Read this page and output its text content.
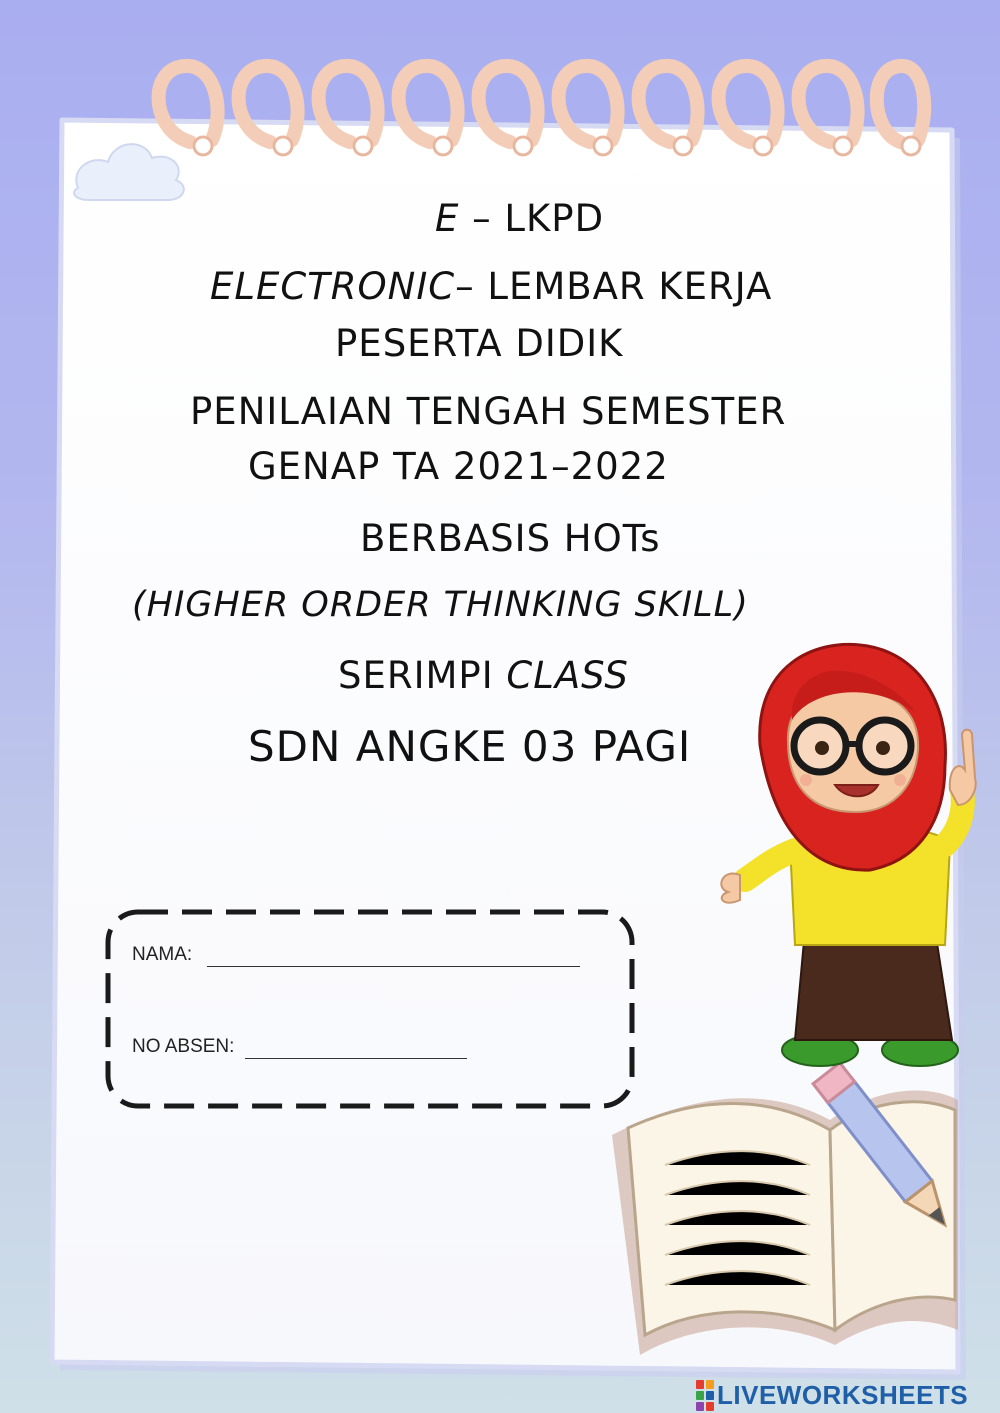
E – LKPD
ELECTRONIC– LEMBAR KERJA
PESERTA DIDIK
PENILAIAN TENGAH SEMESTER
GENAP TA 2021–2022
BERBASIS HOTs
(HIGHER ORDER THINKING SKILL)
SERIMPI CLASS
SDN ANGKE 03 PAGI
NAMA:
NO ABSEN:
LIVEWORKSHEETS
